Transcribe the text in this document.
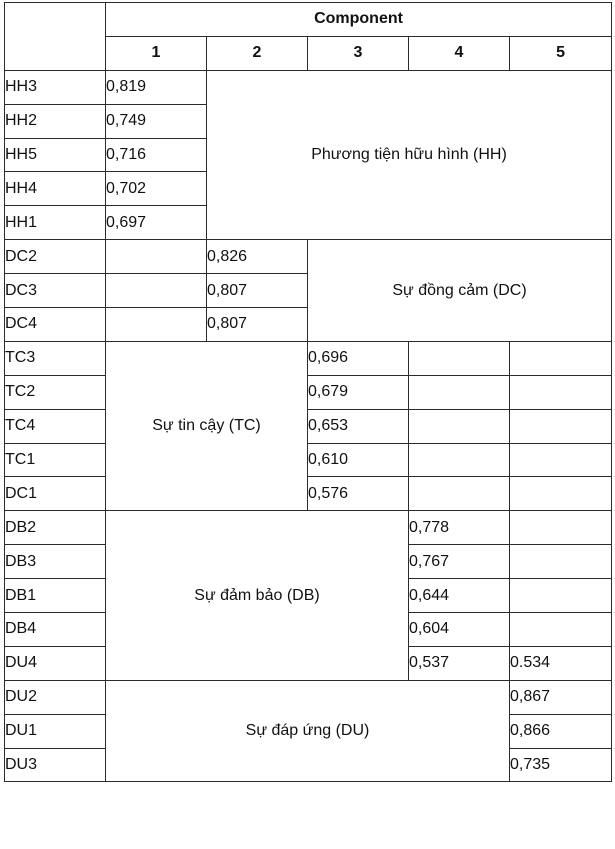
	Component				
	1	2	3	4	5
HH3	0,819	Phương tiện hữu hình (HH)			
HH2	0,749				
HH5	0,716				
HH4	0,702				
HH1	0,697				
DC2		0,826	Sự đồng cảm (DC)		
DC3		0,807			
DC4		0,807			
TC3	Sự tin cậy (TC)		0,696		
TC2			0,679		
TC4			0,653		
TC1			0,610		
DC1			0,576		
DB2	Sự đảm bảo (DB)			0,778	
DB3				0,767	
DB1				0,644	
DB4				0,604	
DU4				0,537	0.534
DU2	Sự đáp ứng (DU)				0,867
DU1					0,866
DU3					0,735
